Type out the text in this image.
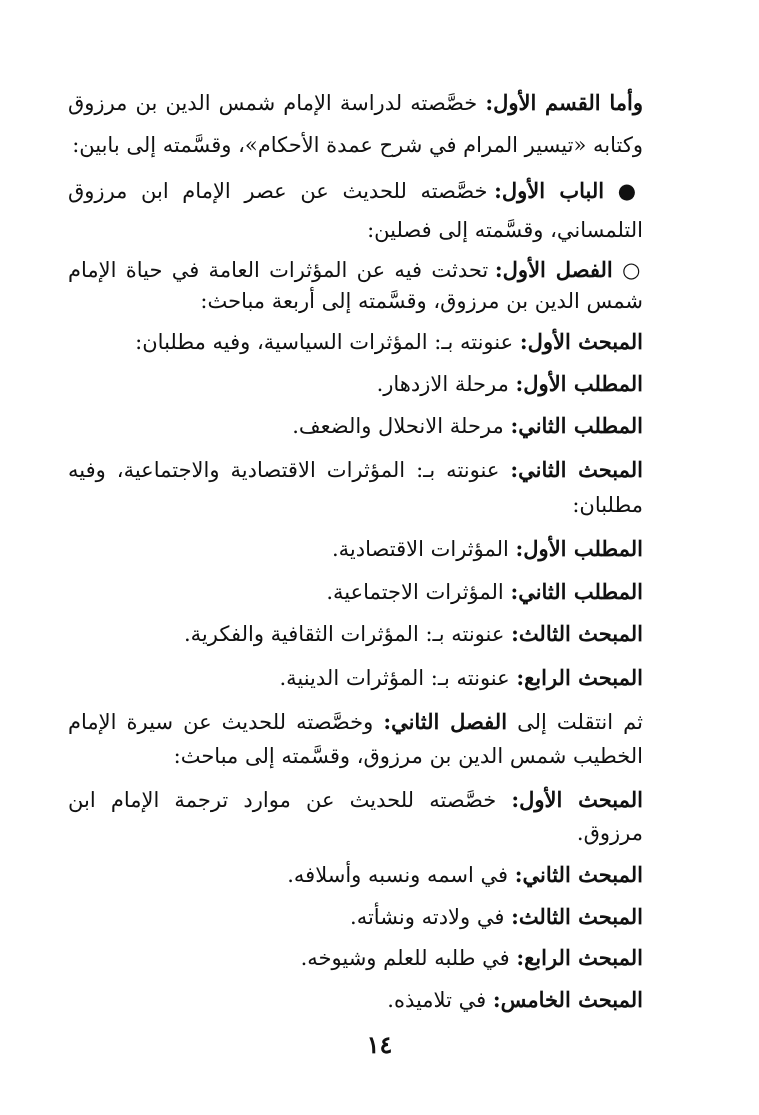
وأما القسم الأول: خصَّصته لدراسة الإمام شمس الدين بن مرزوق
وكتابه «تيسير المرام في شرح عمدة الأحكام»، وقسَّمته إلى بابين:
● الباب الأول: خصَّصته للحديث عن عصر الإمام ابن مرزوق
التلمساني، وقسَّمته إلى فصلين:
○ الفصل الأول: تحدثت فيه عن المؤثرات العامة في حياة الإمام
شمس الدين بن مرزوق، وقسَّمته إلى أربعة مباحث:
المبحث الأول: عنونته بـ: المؤثرات السياسية، وفيه مطلبان:
المطلب الأول: مرحلة الازدهار.
المطلب الثاني: مرحلة الانحلال والضعف.
المبحث الثاني: عنونته بـ: المؤثرات الاقتصادية والاجتماعية، وفيه
مطلبان:
المطلب الأول: المؤثرات الاقتصادية.
المطلب الثاني: المؤثرات الاجتماعية.
المبحث الثالث: عنونته بـ: المؤثرات الثقافية والفكرية.
المبحث الرابع: عنونته بـ: المؤثرات الدينية.
ثم انتقلت إلى الفصل الثاني: وخصَّصته للحديث عن سيرة الإمام
الخطيب شمس الدين بن مرزوق، وقسَّمته إلى مباحث:
المبحث الأول: خصَّصته للحديث عن موارد ترجمة الإمام ابن
مرزوق.
المبحث الثاني: في اسمه ونسبه وأسلافه.
المبحث الثالث: في ولادته ونشأته.
المبحث الرابع: في طلبه للعلم وشيوخه.
المبحث الخامس: في تلاميذه.
١٤
